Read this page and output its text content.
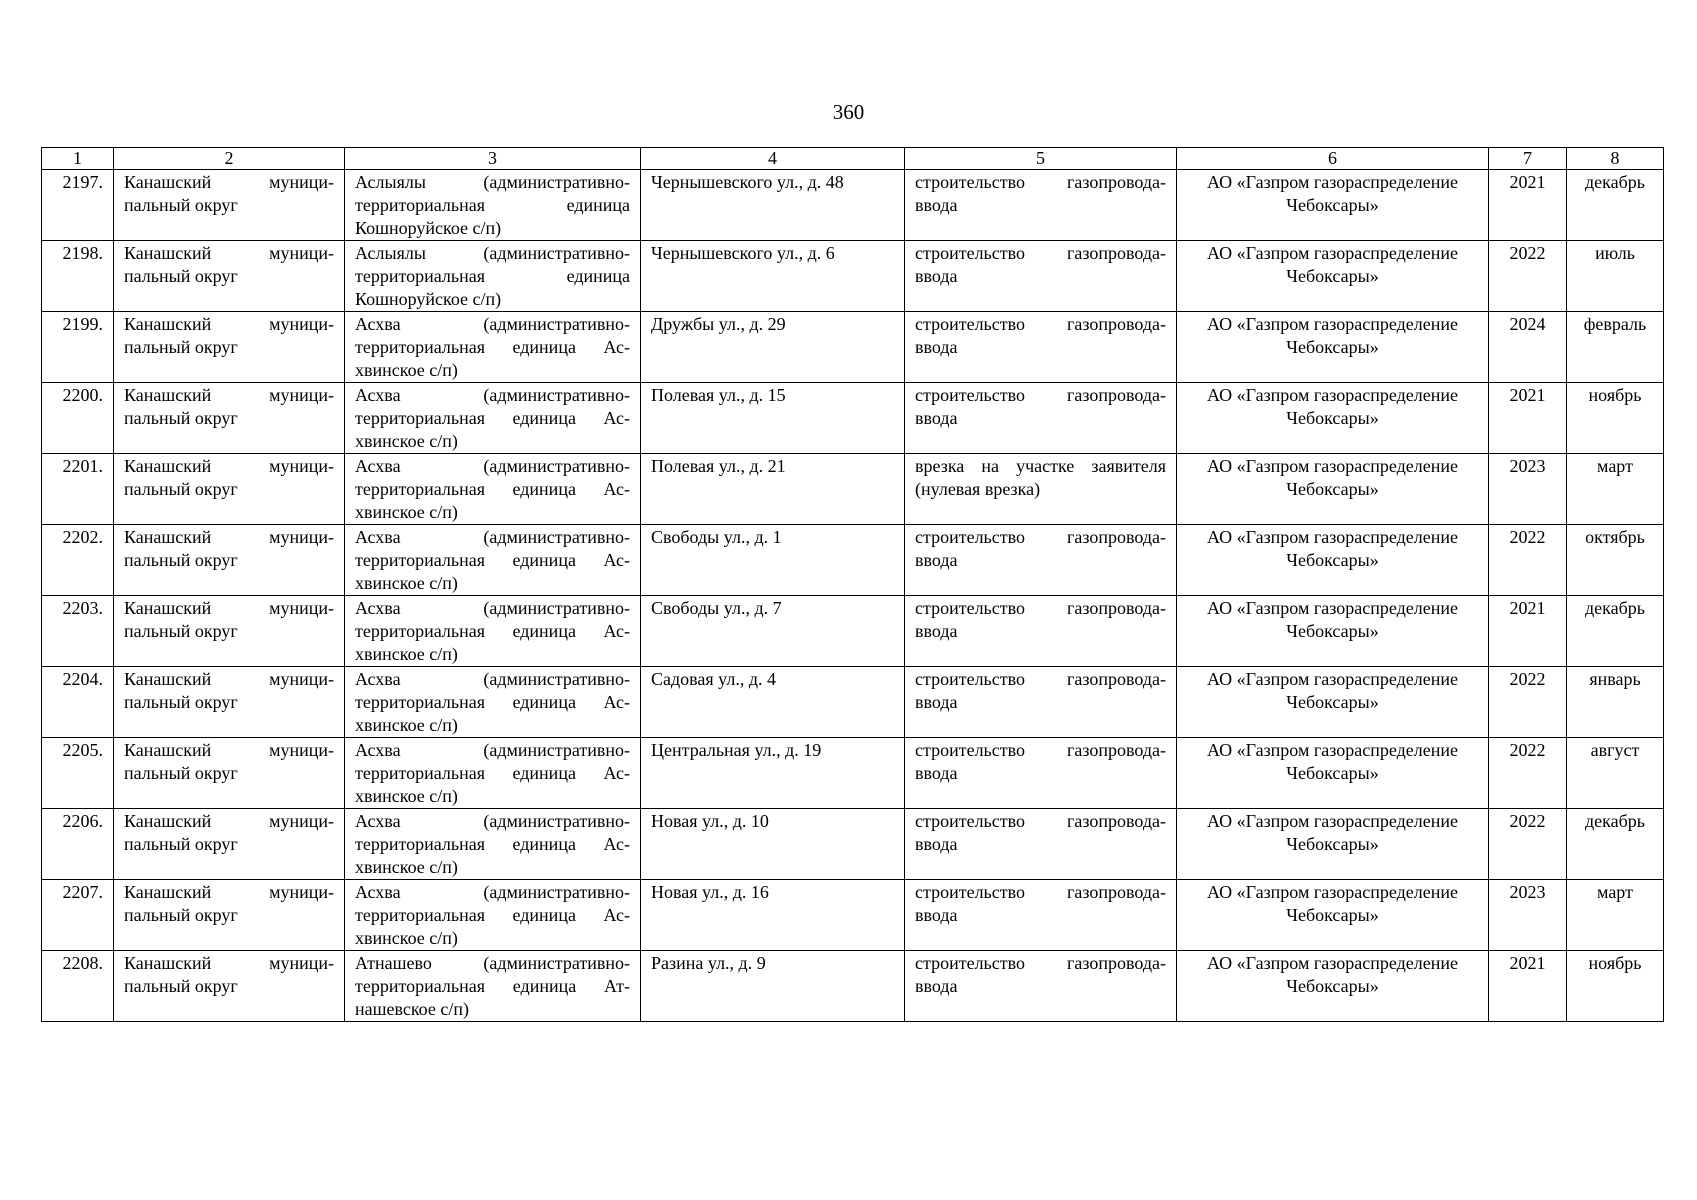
360
1	2	3	4	5	6	7	8
2197.	Канашский муници-пальный округ	Аслыялы (административно-территориальная единица Кошноруйское с/п)	Чернышевского ул., д. 48	строительство газопровода-ввода	АО «Газпром газораспределение Чебоксары»	2021	декабрь
2198.	Канашский муници-пальный округ	Аслыялы (административно-территориальная единица Кошноруйское с/п)	Чернышевского ул., д. 6	строительство газопровода-ввода	АО «Газпром газораспределение Чебоксары»	2022	июль
2199.	Канашский муници-пальный округ	Асхва (административно-территориальная единица Ас-хвинское с/п)	Дружбы ул., д. 29	строительство газопровода-ввода	АО «Газпром газораспределение Чебоксары»	2024	февраль
2200.	Канашский муници-пальный округ	Асхва (административно-территориальная единица Ас-хвинское с/п)	Полевая ул., д. 15	строительство газопровода-ввода	АО «Газпром газораспределение Чебоксары»	2021	ноябрь
2201.	Канашский муници-пальный округ	Асхва (административно-территориальная единица Ас-хвинское с/п)	Полевая ул., д. 21	врезка на участке заявителя (нулевая врезка)	АО «Газпром газораспределение Чебоксары»	2023	март
2202.	Канашский муници-пальный округ	Асхва (административно-территориальная единица Ас-хвинское с/п)	Свободы ул., д. 1	строительство газопровода-ввода	АО «Газпром газораспределение Чебоксары»	2022	октябрь
2203.	Канашский муници-пальный округ	Асхва (административно-территориальная единица Ас-хвинское с/п)	Свободы ул., д. 7	строительство газопровода-ввода	АО «Газпром газораспределение Чебоксары»	2021	декабрь
2204.	Канашский муници-пальный округ	Асхва (административно-территориальная единица Ас-хвинское с/п)	Садовая ул., д. 4	строительство газопровода-ввода	АО «Газпром газораспределение Чебоксары»	2022	январь
2205.	Канашский муници-пальный округ	Асхва (административно-территориальная единица Ас-хвинское с/п)	Центральная ул., д. 19	строительство газопровода-ввода	АО «Газпром газораспределение Чебоксары»	2022	август
2206.	Канашский муници-пальный округ	Асхва (административно-территориальная единица Ас-хвинское с/п)	Новая ул., д. 10	строительство газопровода-ввода	АО «Газпром газораспределение Чебоксары»	2022	декабрь
2207.	Канашский муници-пальный округ	Асхва (административно-территориальная единица Ас-хвинское с/п)	Новая ул., д. 16	строительство газопровода-ввода	АО «Газпром газораспределение Чебоксары»	2023	март
2208.	Канашский муници-пальный округ	Атнашево (административно-территориальная единица Ат-нашевское с/п)	Разина ул., д. 9	строительство газопровода-ввода	АО «Газпром газораспределение Чебоксары»	2021	ноябрь
